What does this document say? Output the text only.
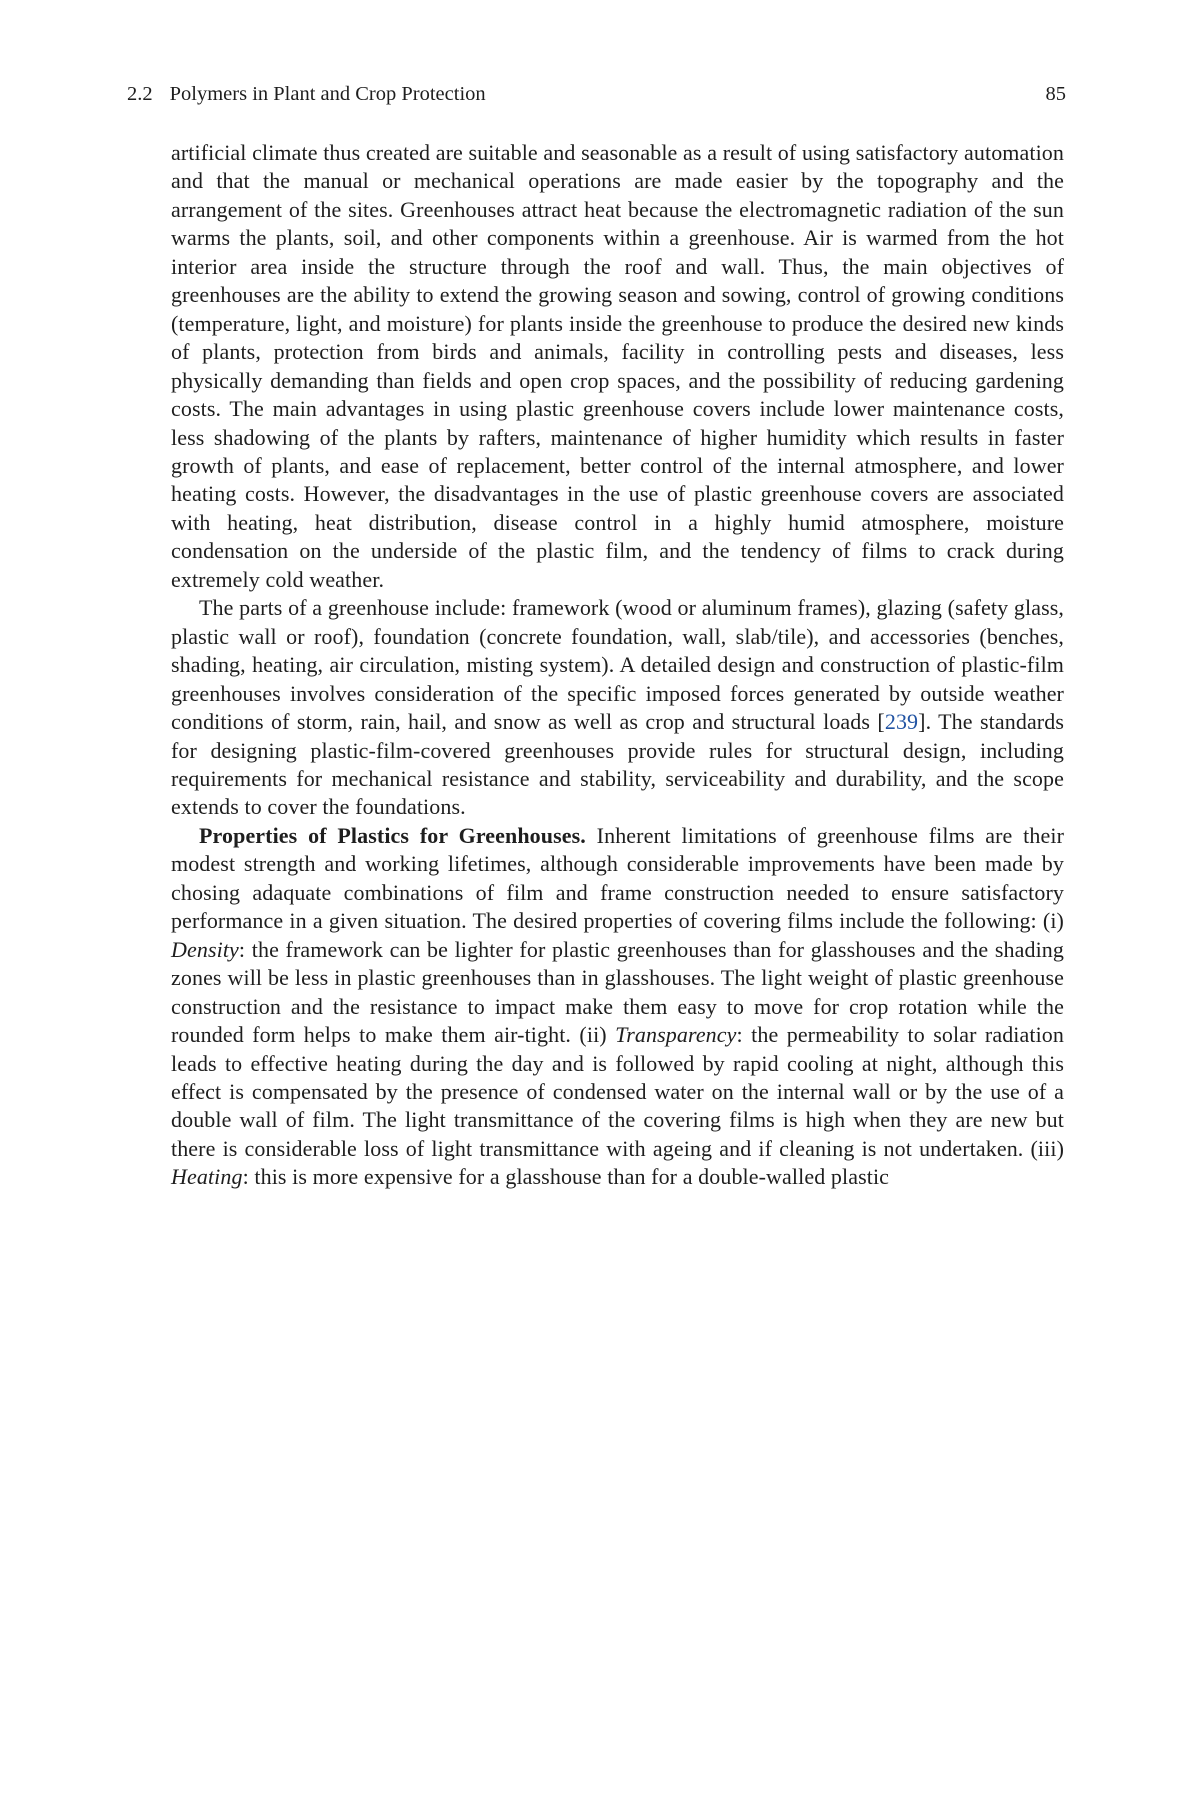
2.2 Polymers in Plant and Crop Protection	85

artificial climate thus created are suitable and seasonable as a result of using satisfactory automation and that the manual or mechanical operations are made easier by the topography and the arrangement of the sites. Greenhouses attract heat because the electromagnetic radiation of the sun warms the plants, soil, and other components within a greenhouse. Air is warmed from the hot interior area inside the structure through the roof and wall. Thus, the main objectives of greenhouses are the ability to extend the growing season and sowing, control of growing conditions (temperature, light, and moisture) for plants inside the greenhouse to produce the desired new kinds of plants, protection from birds and animals, facility in controlling pests and diseases, less physically demanding than fields and open crop spaces, and the possibility of reducing gardening costs. The main advantages in using plastic greenhouse covers include lower maintenance costs, less shadowing of the plants by rafters, maintenance of higher humidity which results in faster growth of plants, and ease of replacement, better control of the internal atmosphere, and lower heating costs. However, the disadvantages in the use of plastic greenhouse covers are associated with heating, heat distribution, disease control in a highly humid atmosphere, moisture condensation on the underside of the plastic film, and the tendency of films to crack during extremely cold weather.

The parts of a greenhouse include: framework (wood or aluminum frames), glazing (safety glass, plastic wall or roof), foundation (concrete foundation, wall, slab/tile), and accessories (benches, shading, heating, air circulation, misting system). A detailed design and construction of plastic-film greenhouses involves consideration of the specific imposed forces generated by outside weather conditions of storm, rain, hail, and snow as well as crop and structural loads [239]. The standards for designing plastic-film-covered greenhouses provide rules for structural design, including requirements for mechanical resistance and stability, serviceability and durability, and the scope extends to cover the foundations.

Properties of Plastics for Greenhouses. Inherent limitations of greenhouse films are their modest strength and working lifetimes, although considerable improvements have been made by chosing adaquate combinations of film and frame construction needed to ensure satisfactory performance in a given situation. The desired properties of covering films include the following: (i) Density: the framework can be lighter for plastic greenhouses than for glasshouses and the shading zones will be less in plastic greenhouses than in glasshouses. The light weight of plastic greenhouse construction and the resistance to impact make them easy to move for crop rotation while the rounded form helps to make them air-tight. (ii) Transparency: the permeability to solar radiation leads to effective heating during the day and is followed by rapid cooling at night, although this effect is compensated by the presence of condensed water on the internal wall or by the use of a double wall of film. The light transmittance of the covering films is high when they are new but there is considerable loss of light transmittance with ageing and if cleaning is not undertaken. (iii) Heating: this is more expensive for a glasshouse than for a double-walled plastic
